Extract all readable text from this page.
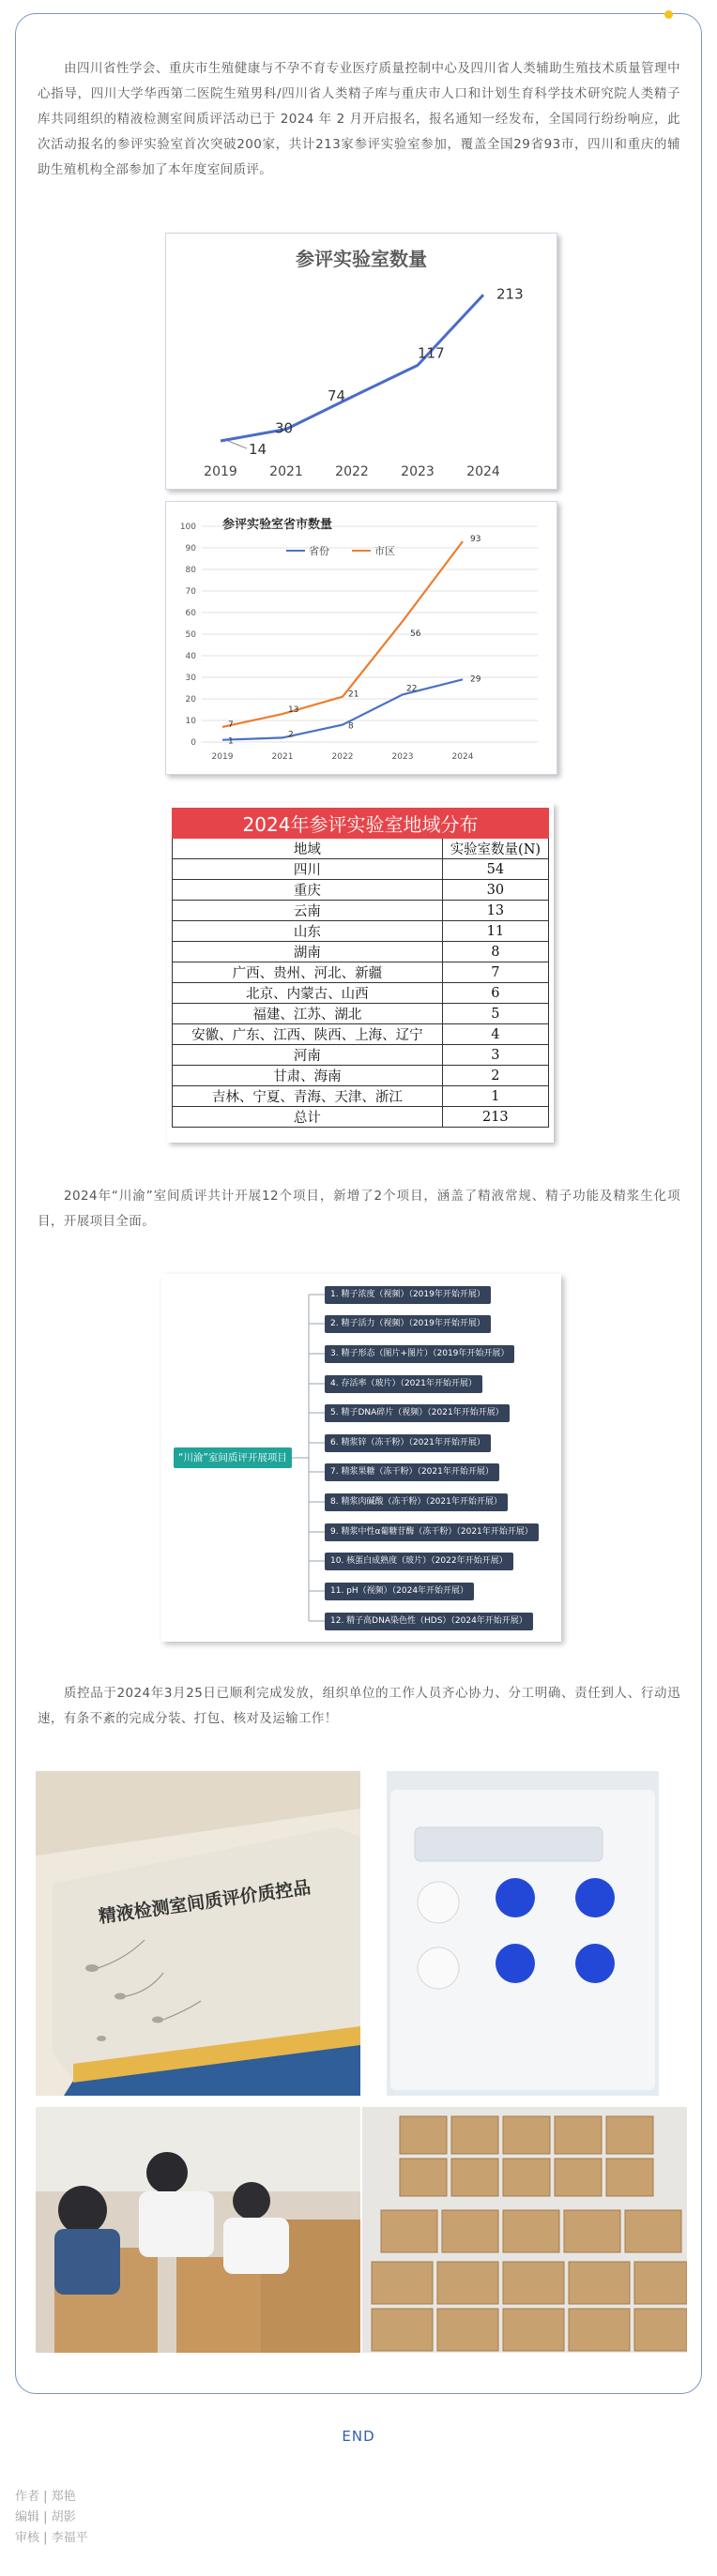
由四川省性学会、重庆市生殖健康与不孕不育专业医疗质量控制中心及四川省人类辅助生殖技术质量管理中心指导，四川大学华西第二医院生殖男科/四川省人类精子库与重庆市人口和计划生育科学技术研究院人类精子库共同组织的精液检测室间质评活动已于 2024 年 2 月开启报名，报名通知一经发布，全国同行纷纷响应，此次活动报名的参评实验室首次突破200家，共计213家参评实验室参加，覆盖全国29省93市，四川和重庆的辅助生殖机构全部参加了本年度室间质评。

参评实验室数量
14
30
74
117
213
2019 2021 2022 2023 2024
参评实验室省市数量
0
10
20
30
40
50
60
70
80
90
100
2019	2021	2022	2023	2024
省份	市区
1
2
8
22
29
7
13
21
56
93
2024年参评实验室地域分布	
地域	实验室数量(N)
四川	54
重庆	30
云南	13
山东	11
湖南	8
广西、贵州、河北、新疆	7
北京、内蒙古、山西	6
福建、江苏、湖北	5
安徽、广东、江西、陕西、上海、辽宁	4
河南	3
甘肃、海南	2
吉林、宁夏、青海、天津、浙江	1
总计	213

2024年“川渝”室间质评共计开展12个项目，新增了2个项目，涵盖了精液常规、精子功能及精浆生化项目，开展项目全面。

“川渝”室间质评开展项目
1. 精子浓度（视频）（2019年开始开展）
2. 精子活力（视频）（2019年开始开展）
3. 精子形态（图片+图片）（2019年开始开展）
4. 存活率（玻片）（2021年开始开展）
5. 精子DNA碎片（视频）（2021年开始开展）
6. 精浆锌（冻干粉）（2021年开始开展）
7. 精浆果糖（冻干粉）（2021年开始开展）
8. 精浆肉碱酸（冻干粉）（2021年开始开展）
9. 精浆中性α葡糖苷酶（冻干粉）（2021年开始开展）
10. 核蛋白成熟度（玻片）（2022年开始开展）
11. pH（视频）（2024年开始开展）
12. 精子高DNA染色性（HDS）（2024年开始开展）

质控品于2024年3月25日已顺利完成发放，组织单位的工作人员齐心协力、分工明确、责任到人、行动迅速，有条不紊的完成分装、打包、核对及运输工作！

精液检测室间质评价质控品
END
作者 | 郑艳
编辑 | 胡影
审核 | 李福平
